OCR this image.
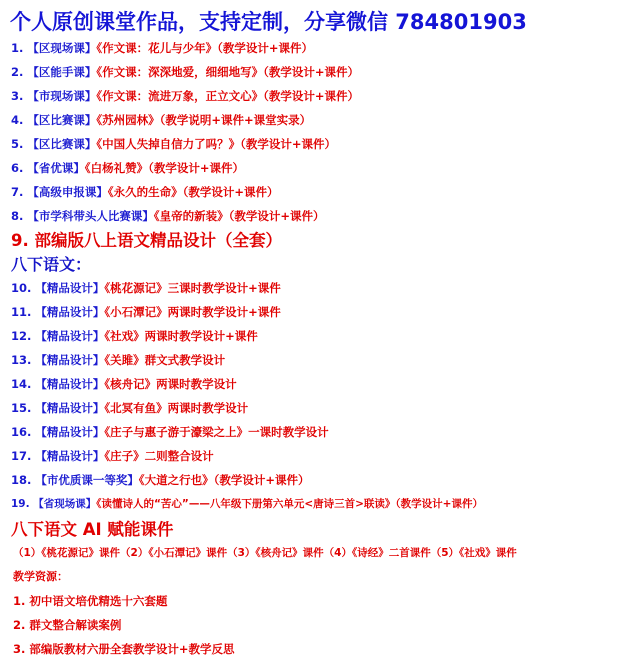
个人原创课堂作品，支持定制，分享微信 784801903
1. 【区现场课】《作文课：花儿与少年》（教学设计+课件）
2. 【区能手课】《作文课：深深地爱，细细地写》（教学设计+课件）
3. 【市现场课】《作文课：流进万象，正立文心》（教学设计+课件）
4. 【区比赛课】《苏州园林》（教学说明+课件+课堂实录）
5. 【区比赛课】《中国人失掉自信力了吗？》（教学设计+课件）
6. 【省优课】《白杨礼赞》（教学设计+课件）
7. 【高级申报课】《永久的生命》（教学设计+课件）
8. 【市学科带头人比赛课】《皇帝的新装》（教学设计+课件）
9. 部编版八上语文精品设计（全套）
八下语文：
10. 【精品设计】《桃花源记》三课时教学设计+课件
11. 【精品设计】《小石潭记》两课时教学设计+课件
12. 【精品设计】《社戏》两课时教学设计+课件
13. 【精品设计】《关雎》群文式教学设计
14. 【精品设计】《核舟记》两课时教学设计
15. 【精品设计】《北冥有鱼》两课时教学设计
16. 【精品设计】《庄子与惠子游于濠梁之上》一课时教学设计
17. 【精品设计】《庄子》二则整合设计
18. 【市优质课一等奖】《大道之行也》（教学设计+课件）
19. 【省现场课】《读懂诗人的“苦心”——八年级下册第六单元<唐诗三首>联读》（教学设计+课件）
八下语文 AI 赋能课件
（1）《桃花源记》课件（2）《小石潭记》课件（3）《核舟记》课件（4）《诗经》二首课件（5）《社戏》课件
教学资源：
1. 初中语文培优精选十六套题
2. 群文整合解读案例
3. 部编版教材六册全套教学设计+教学反思
